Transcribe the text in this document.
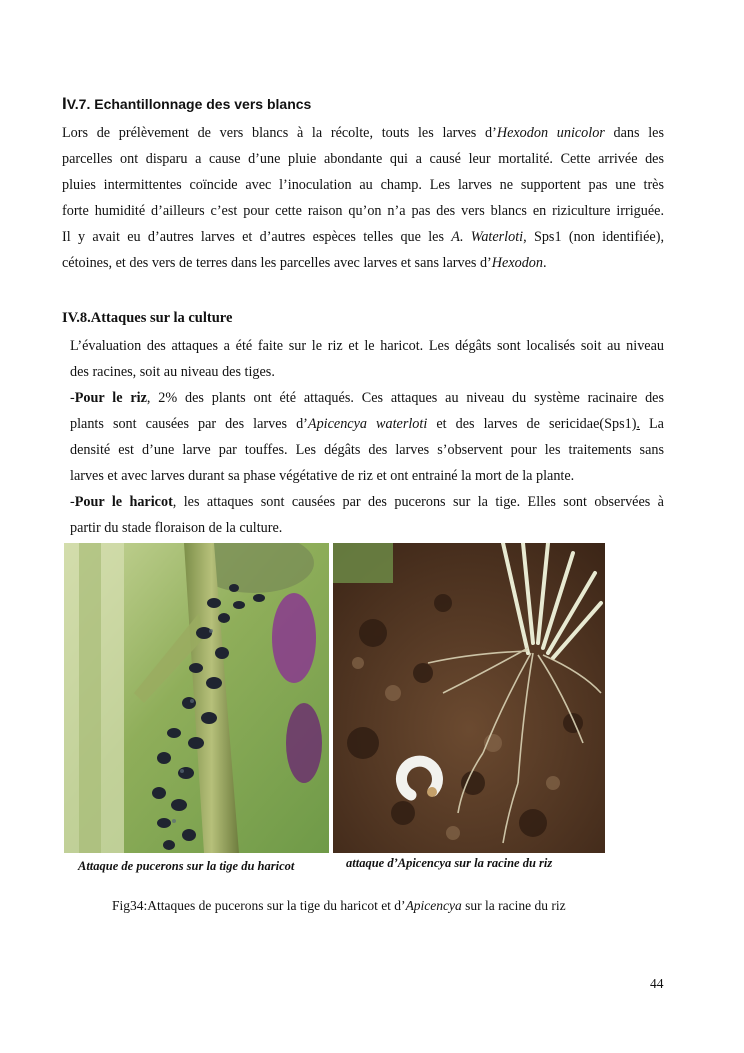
IV.7. Echantillonnage des vers blancs
Lors de prélèvement de vers blancs à la récolte, touts les larves d’Hexodon unicolor dans les
parcelles ont disparu a cause d’une pluie abondante qui a causé leur mortalité. Cette arrivée des
pluies intermittentes coïncide avec l’inoculation au champ. Les larves ne supportent pas une très
forte humidité d’ailleurs c’est pour cette raison qu’on n’a pas des vers blancs en riziculture irriguée.
Il y avait eu d’autres larves et d’autres espèces telles que les A. Waterloti, Sps1 (non identifiée),
cétoines, et des vers de terres dans les parcelles avec larves et sans larves d’Hexodon.
IV.8.Attaques sur la culture
L’évaluation des attaques a été faite sur le riz et le haricot. Les dégâts sont localisés soit au niveau
des racines, soit au niveau des tiges.
-Pour le riz, 2% des plants ont été attaqués. Ces attaques au niveau du système racinaire des
plants sont causées par des larves d’Apicencya waterloti et des larves de sericidae(Sps1). La
densité est d’une larve par touffes. Les dégâts des larves s’observent pour les traitements sans
larves et avec larves durant sa phase végétative de riz et ont entrainé la mort de la plante.
-Pour le haricot, les attaques sont causées par des pucerons sur la tige. Elles sont observées à
partir du stade floraison de la culture.
Attaque de pucerons sur la tige du haricot	attaque d’Apicencya sur la racine du riz
Fig34:Attaques de pucerons sur la tige du haricot et d’Apicencya sur la racine du riz
44
